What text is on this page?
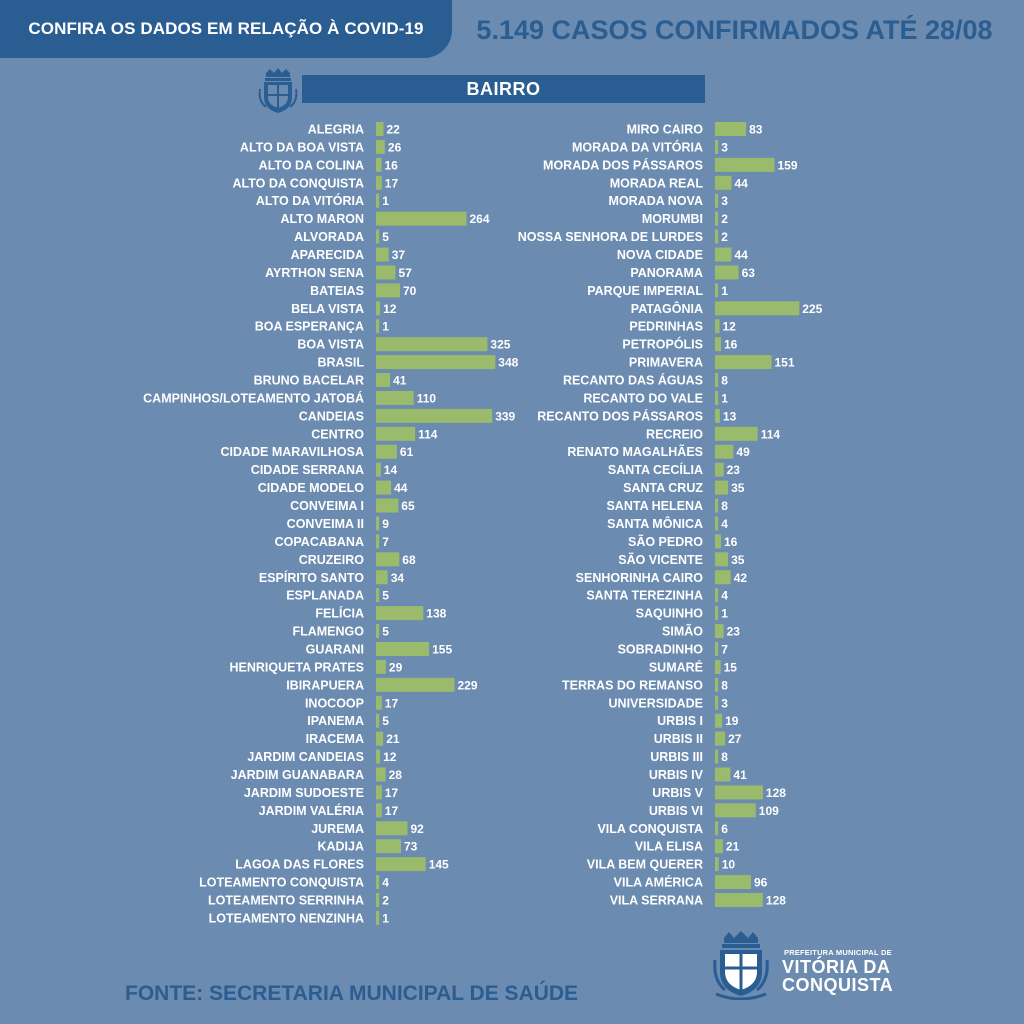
CONFIRA OS DADOS EM RELAÇÃO À COVID-19	5.149 CASOS CONFIRMADOS ATÉ 28/08
BAIRRO
ALEGRIA 22
ALTO DA BOA VISTA 26
ALTO DA COLINA 16
ALTO DA CONQUISTA 17
ALTO DA VITÓRIA 1
ALTO MARON	264
ALVORADA 5
APARECIDA 37
AYRTHON SENA	57
BATEIAS	70
BELA VISTA 12
BOA ESPERANÇA 1
BOA VISTA	325
BRASIL	348
BRUNO BACELAR 41
CAMPINHOS/LOTEAMENTO JATOBÁ	110
CANDEIAS	339
CENTRO	114
CIDADE MARAVILHOSA	61
CIDADE SERRANA 14
CIDADE MODELO	44
CONVEIMA I	65
CONVEIMA II 9
COPACABANA 7
CRUZEIRO	68
ESPÍRITO SANTO 34
ESPLANADA 5
FELÍCIA	138
FLAMENGO 5
GUARANI	155
HENRIQUETA PRATES 29
IBIRAPUERA	229
INOCOOP 17
IPANEMA 5
IRACEMA 21
JARDIM CANDEIAS 12
JARDIM GUANABARA 28
JARDIM SUDOESTE 17
JARDIM VALÉRIA 17
JUREMA	92
KADIJA	73
LAGOA DAS FLORES	145
LOTEAMENTO CONQUISTA 4
LOTEAMENTO SERRINHA 2
LOTEAMENTO NENZINHA 1
MIRO CAIRO	83
MORADA DA VITÓRIA 3
MORADA DOS PÁSSAROS	159
MORADA REAL	44
MORADA NOVA 3
MORUMBI 2
NOSSA SENHORA DE LURDES 2
NOVA CIDADE	44
PANORAMA	63
PARQUE IMPERIAL 1
PATAGÔNIA	225
PEDRINHAS 12
PETROPÓLIS 16
PRIMAVERA	151
RECANTO DAS ÁGUAS 8
RECANTO DO VALE 1
RECANTO DOS PÁSSAROS 13
RECREIO	114
RENATO MAGALHÃES	49
SANTA CECÍLIA 23
SANTA CRUZ 35
SANTA HELENA 8
SANTA MÔNICA 4
SÃO PEDRO 16
SÃO VICENTE 35
SENHORINHA CAIRO	42
SANTA TEREZINHA 4
SAQUINHO 1
SIMÃO 23
SOBRADINHO 7
SUMARÉ 15
TERRAS DO REMANSO 8
UNIVERSIDADE 3
URBIS I 19
URBIS II 27
URBIS III 8
URBIS IV	41
URBIS V	128
URBIS VI	109
VILA CONQUISTA 6
VILA ELISA 21
VILA BEM QUERER 10
VILA AMÉRICA	96
VILA SERRANA	128
FONTE: SECRETARIA MUNICIPAL DE SAÚDE
PREFEITURA MUNICIPAL DE
VITÓRIA DA
CONQUISTA
